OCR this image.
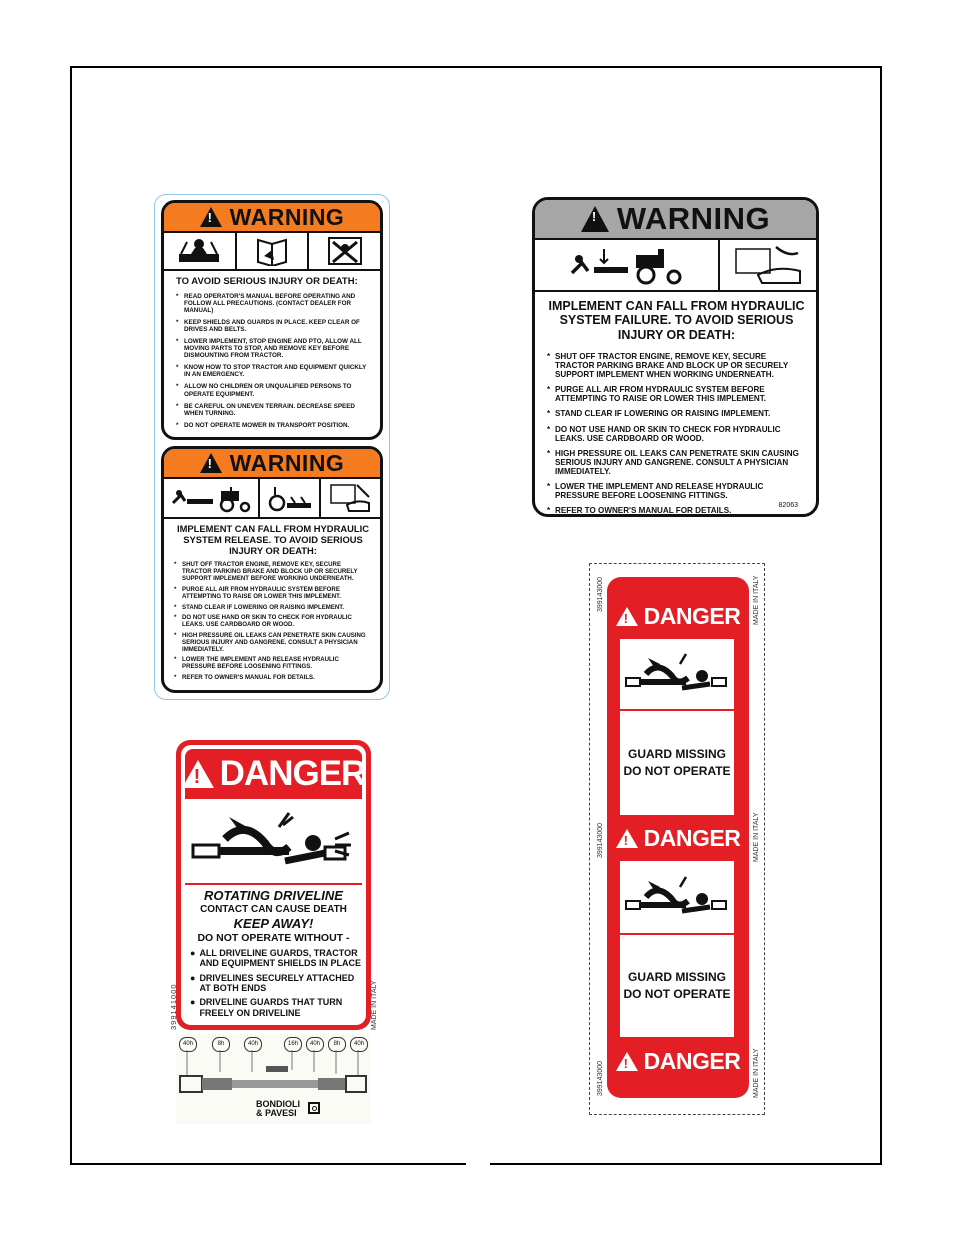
!
WARNING
TO AVOID SERIOUS INJURY OR DEATH:
* READ OPERATOR'S MANUAL BEFORE OPERATING AND FOLLOW ALL PRECAUTIONS. (CONTACT DEALER FOR MANUAL)
* KEEP SHIELDS AND GUARDS IN PLACE. KEEP CLEAR OF DRIVES AND BELTS.
* LOWER IMPLEMENT, STOP ENGINE AND PTO, ALLOW ALL MOVING PARTS TO STOP, AND REMOVE KEY BEFORE DISMOUNTING FROM TRACTOR.
* KNOW HOW TO STOP TRACTOR AND EQUIPMENT QUICKLY IN AN EMERGENCY.
* ALLOW NO CHILDREN OR UNQUALIFIED PERSONS TO OPERATE EQUIPMENT.
* BE CAREFUL ON UNEVEN TERRAIN. DECREASE SPEED WHEN TURNING.
* DO NOT OPERATE MOWER IN TRANSPORT POSITION.
!
WARNING
IMPLEMENT CAN FALL FROM HYDRAULIC SYSTEM RELEASE. TO AVOID SERIOUS INJURY OR DEATH:
* SHUT OFF TRACTOR ENGINE, REMOVE KEY, SECURE TRACTOR PARKING BRAKE AND BLOCK UP OR SECURELY SUPPORT IMPLEMENT BEFORE WORKING UNDERNEATH.
* PURGE ALL AIR FROM HYDRAULIC SYSTEM BEFORE ATTEMPTING TO RAISE OR LOWER THIS IMPLEMENT.
* STAND CLEAR IF LOWERING OR RAISING IMPLEMENT.
* DO NOT USE HAND OR SKIN TO CHECK FOR HYDRAULIC LEAKS. USE CARDBOARD OR WOOD.
* HIGH PRESSURE OIL LEAKS CAN PENETRATE SKIN CAUSING SERIOUS INJURY AND GANGRENE. CONSULT A PHYSICIAN IMMEDIATELY.
* LOWER THE IMPLEMENT AND RELEASE HYDRAULIC PRESSURE BEFORE LOOSENING FITTINGS.
* REFER TO OWNER'S MANUAL FOR DETAILS.
!
WARNING
IMPLEMENT CAN FALL FROM HYDRAULIC SYSTEM FAILURE. TO AVOID SERIOUS INJURY OR DEATH:
* SHUT OFF TRACTOR ENGINE, REMOVE KEY, SECURE TRACTOR PARKING BRAKE AND BLOCK UP OR SECURELY SUPPORT IMPLEMENT WHEN WORKING UNDERNEATH.
* PURGE ALL AIR FROM HYDRAULIC SYSTEM BEFORE ATTEMPTING TO RAISE OR LOWER THIS IMPLEMENT.
* STAND CLEAR IF LOWERING OR RAISING IMPLEMENT.
* DO NOT USE HAND OR SKIN TO CHECK FOR HYDRAULIC LEAKS. USE CARDBOARD OR WOOD.
* HIGH PRESSURE OIL LEAKS CAN PENETRATE SKIN CAUSING SERIOUS INJURY AND GANGRENE. CONSULT A PHYSICIAN IMMEDIATELY.
* LOWER THE IMPLEMENT AND RELEASE HYDRAULIC PRESSURE BEFORE LOOSENING FITTINGS.
* REFER TO OWNER'S MANUAL FOR DETAILS.
82063
! DANGER
ROTATING DRIVELINE
CONTACT CAN CAUSE DEATH
KEEP AWAY!
DO NOT OPERATE WITHOUT -
● ALL DRIVELINE GUARDS, TRACTOR AND EQUIPMENT SHIELDS IN PLACE
● DRIVELINES SECURELY ATTACHED AT BOTH ENDS
● DRIVELINE GUARDS THAT TURN FREELY ON DRIVELINE
399141000	MADE IN ITALY
40h	8h	40h	16h	40h	8h	40h
BONDIOLI
& PAVESI
! DANGER
GUARD MISSING
DO NOT OPERATE
! DANGER
GUARD MISSING
DO NOT OPERATE
! DANGER
399143000
399143000
399143000
MADE IN ITALY
MADE IN ITALY
MADE IN ITALY
